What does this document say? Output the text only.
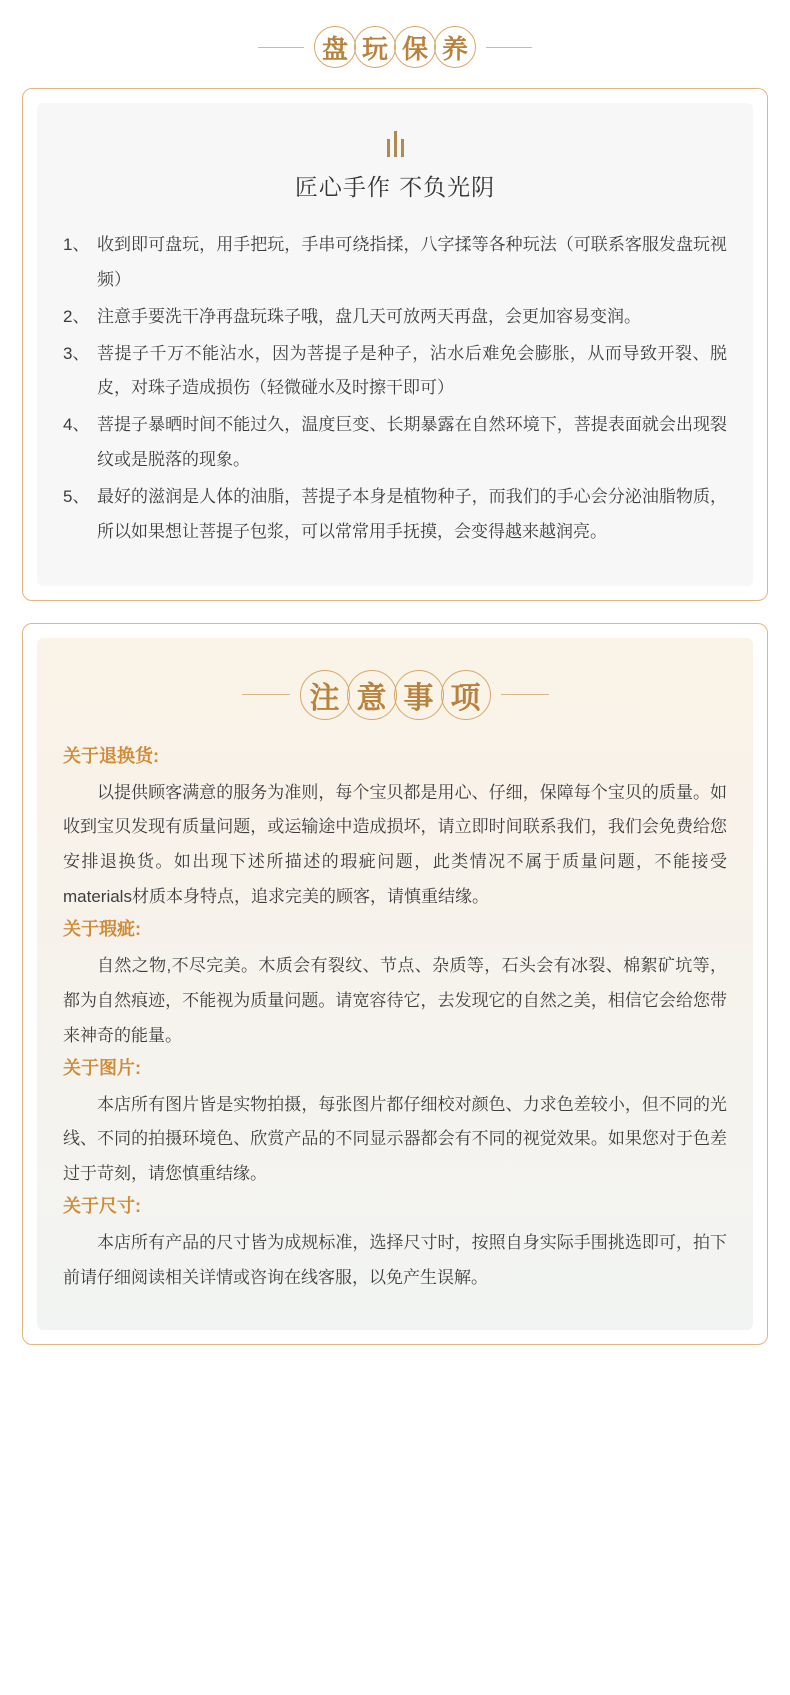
盘 玩 保 养
匠心手作 不负光阴
1、 收到即可盘玩，用手把玩，手串可绕指揉，八字揉等各种玩法（可联系客服发盘玩视频）
2、 注意手要洗干净再盘玩珠子哦，盘几天可放两天再盘，会更加容易变润。
3、 菩提子千万不能沾水，因为菩提子是种子，沾水后难免会膨胀，从而导致开裂、脱皮，对珠子造成损伤（轻微碰水及时擦干即可）
4、 菩提子暴晒时间不能过久，温度巨变、长期暴露在自然环境下，菩提表面就会出现裂纹或是脱落的现象。
5、 最好的滋润是人体的油脂，菩提子本身是植物种子，而我们的手心会分泌油脂物质，所以如果想让菩提子包浆，可以常常用手抚摸，会变得越来越润亮。
注 意 事 项
关于退换货:
以提供顾客满意的服务为准则，每个宝贝都是用心、仔细，保障每个宝贝的质量。如收到宝贝发现有质量问题，或运输途中造成损坏，请立即时间联系我们，我们会免费给您安排退换货。如出现下述所描述的瑕疵问题，此类情况不属于质量问题，不能接受materials材质本身特点，追求完美的顾客，请慎重结缘。
关于瑕疵:
自然之物,不尽完美。木质会有裂纹、节点、杂质等，石头会有冰裂、棉絮矿坑等，都为自然痕迹，不能视为质量问题。请宽容待它，去发现它的自然之美，相信它会给您带来神奇的能量。
关于图片:
本店所有图片皆是实物拍摄，每张图片都仔细校对颜色、力求色差较小，但不同的光线、不同的拍摄环境色、欣赏产品的不同显示器都会有不同的视觉效果。如果您对于色差过于苛刻，请您慎重结缘。
关于尺寸:
本店所有产品的尺寸皆为成规标准，选择尺寸时，按照自身实际手围挑选即可，拍下前请仔细阅读相关详情或咨询在线客服，以免产生误解。
